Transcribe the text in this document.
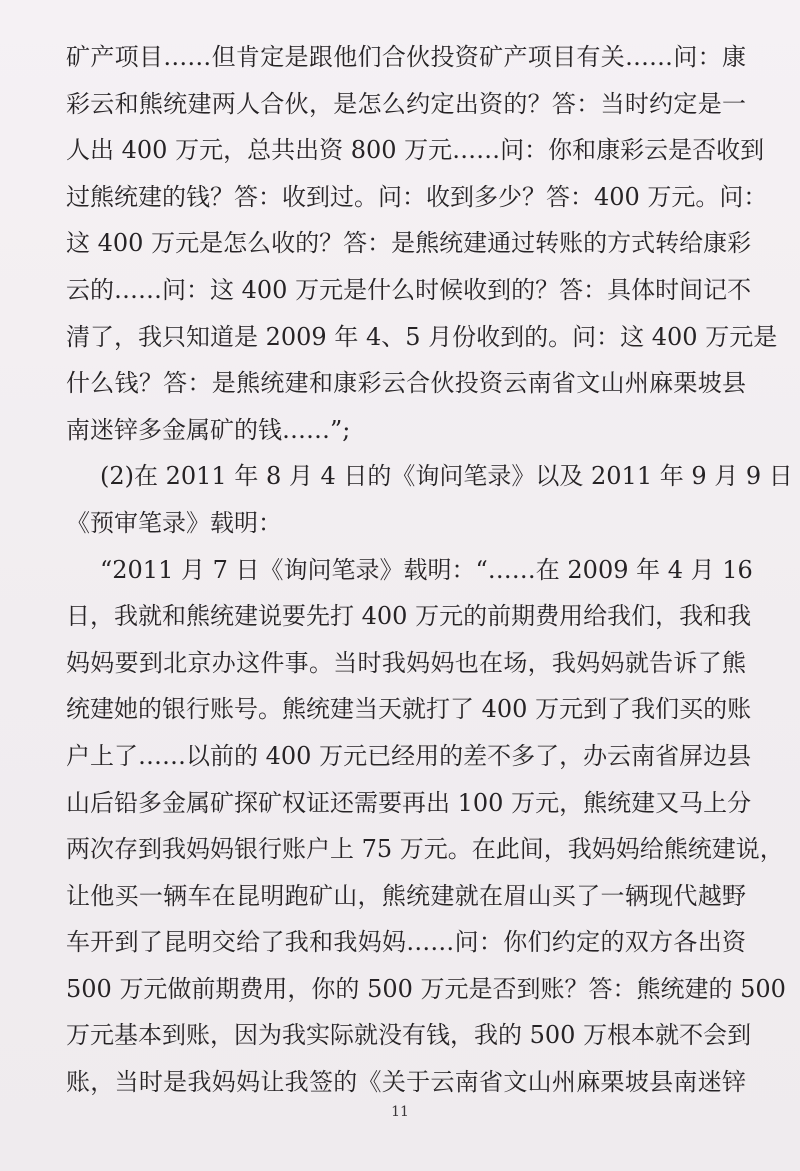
矿产项目……但肯定是跟他们合伙投资矿产项目有关……问：康
彩云和熊统建两人合伙，是怎么约定出资的？答：当时约定是一
人出 400 万元，总共出资 800 万元……问：你和康彩云是否收到
过熊统建的钱？答：收到过。问：收到多少？答：400 万元。问：
这 400 万元是怎么收的？答：是熊统建通过转账的方式转给康彩
云的……问：这 400 万元是什么时候收到的？答：具体时间记不
清了，我只知道是 2009 年 4、5 月份收到的。问：这 400 万元是
什么钱？答：是熊统建和康彩云合伙投资云南省文山州麻栗坡县
南迷锌多金属矿的钱……”;
(2)在 2011 年 8 月 4 日的《询问笔录》以及 2011 年 9 月 9 日
《预审笔录》载明：
“2011 月 7 日《询问笔录》载明：“……在 2009 年 4 月 16
日，我就和熊统建说要先打 400 万元的前期费用给我们，我和我
妈妈要到北京办这件事。当时我妈妈也在场，我妈妈就告诉了熊
统建她的银行账号。熊统建当天就打了 400 万元到了我们买的账
户上了……以前的 400 万元已经用的差不多了，办云南省屏边县
山后铅多金属矿探矿权证还需要再出 100 万元，熊统建又马上分
两次存到我妈妈银行账户上 75 万元。在此间，我妈妈给熊统建说，
让他买一辆车在昆明跑矿山，熊统建就在眉山买了一辆现代越野
车开到了昆明交给了我和我妈妈……问：你们约定的双方各出资
500 万元做前期费用，你的 500 万元是否到账？答：熊统建的 500
万元基本到账，因为我实际就没有钱，我的 500 万根本就不会到
账，当时是我妈妈让我签的《关于云南省文山州麻栗坡县南迷锌
11
